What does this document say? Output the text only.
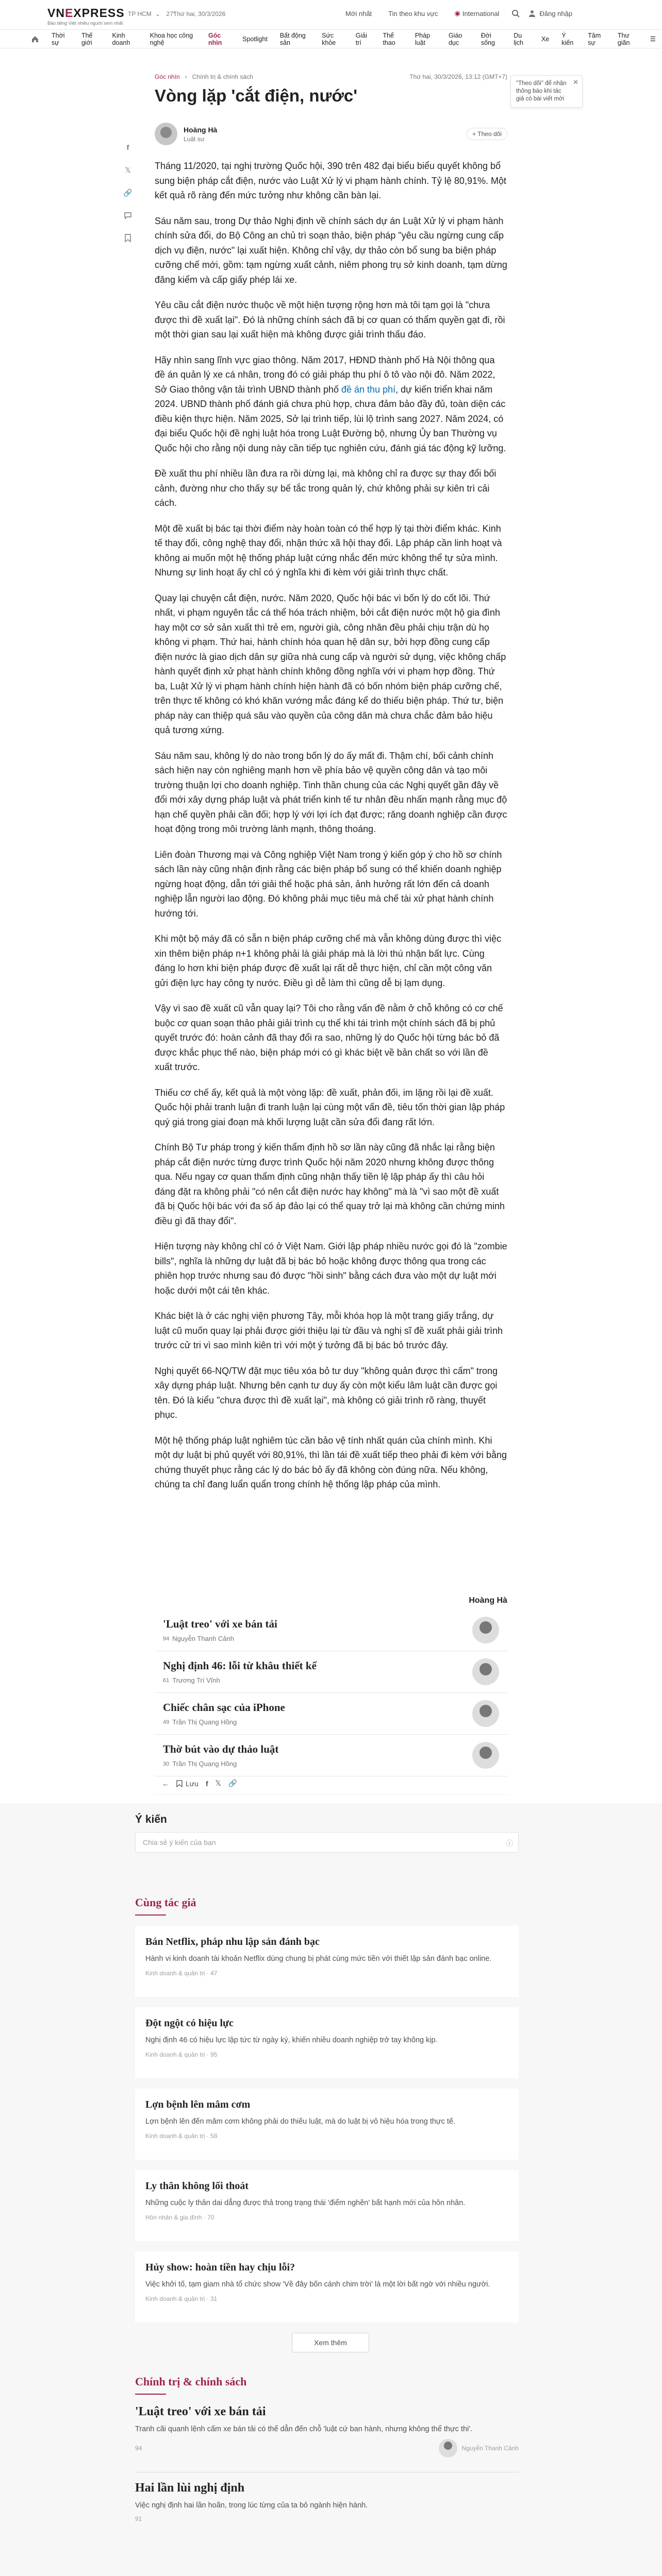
VNEXPRESS
Báo tiếng Việt nhiều người xem nhất
TP HCM ⌄ 27°
Thứ hai, 30/3/2026	Mới nhất Tin theo khu vực ◉ International	Đăng nhập
Thời sự
Thế giới
Kinh doanh
Khoa học công nghệ
Góc nhìn	Spotlight	Bất động sản
Sức khỏe
Giải trí
Thể thao
Pháp luật
Giáo dục
Đời sống
Du lịch	Xe	Ý kiến
Tâm sự
Thư giãn	☰
Góc nhìn › Chính trị & chính sách	Thứ hai, 30/3/2026, 13:12 (GMT+7)
Vòng lặp 'cắt điện, nước'
"Theo dõi" để nhận thông báo khi tác giả có bài viết mới
✕
f
𝕏
🔗
Hoàng Hà
Luật sư
+ Theo dõi

Tháng 11/2020, tại nghị trường Quốc hội, 390 trên 482 đại biểu biểu quyết không bổ sung biện pháp cắt điện, nước vào Luật Xử lý vi phạm hành chính. Tỷ lệ 80,91%. Một kết quả rõ ràng đến mức tưởng như không cần bàn lại.

Sáu năm sau, trong Dự thảo Nghị định về chính sách dự án Luật Xử lý vi phạm hành chính sửa đổi, do Bộ Công an chủ trì soạn thảo, biện pháp "yêu cầu ngừng cung cấp dịch vụ điện, nước" lại xuất hiện. Không chỉ vậy, dự thảo còn bổ sung ba biện pháp cưỡng chế mới, gồm: tạm ngừng xuất cảnh, niêm phong trụ sở kinh doanh, tạm dừng đăng kiểm và cấp giấy phép lái xe.

Yêu cầu cắt điện nước thuộc về một hiện tượng rộng hơn mà tôi tạm gọi là "chưa được thì đề xuất lại". Đó là những chính sách đã bị cơ quan có thẩm quyền gạt đi, rồi một thời gian sau lại xuất hiện mà không được giải trình thấu đáo.

Hãy nhìn sang lĩnh vực giao thông. Năm 2017, HĐND thành phố Hà Nội thông qua đề án quản lý xe cá nhân, trong đó có giải pháp thu phí ô tô vào nội đô. Năm 2022, Sở Giao thông vận tải trình UBND thành phố đề án thu phí, dự kiến triển khai năm 2024. UBND thành phố đánh giá chưa phù hợp, chưa đảm bảo đầy đủ, toàn diện các điều kiện thực hiện. Năm 2025, Sở lại trình tiếp, lùi lộ trình sang 2027. Năm 2024, có đại biểu Quốc hội đề nghị luật hóa trong Luật Đường bộ, nhưng Ủy ban Thường vụ Quốc hội cho rằng nội dung này cần tiếp tục nghiên cứu, đánh giá tác động kỹ lưỡng.

Đề xuất thu phí nhiều lần đưa ra rồi dừng lại, mà không chỉ ra được sự thay đổi bối cảnh, đường như cho thấy sự bế tắc trong quản lý, chứ không phải sự kiên trì cải cách.

Một đề xuất bị bác tại thời điểm này hoàn toàn có thể hợp lý tại thời điểm khác. Kinh tế thay đổi, công nghệ thay đổi, nhận thức xã hội thay đổi. Lập pháp cần linh hoạt và không ai muốn một hệ thống pháp luật cứng nhắc đến mức không thể tự sửa mình. Nhưng sự linh hoạt ấy chỉ có ý nghĩa khi đi kèm với giải trình thực chất.

Quay lại chuyện cắt điện, nước. Năm 2020, Quốc hội bác vì bốn lý do cốt lõi. Thứ nhất, vi phạm nguyên tắc cá thể hóa trách nhiệm, bởi cắt điện nước một hộ gia đình hay một cơ sở sản xuất thì trẻ em, người già, công nhân đều phải chịu trận dù họ không vi phạm. Thứ hai, hành chính hóa quan hệ dân sự, bởi hợp đồng cung cấp điện nước là giao dịch dân sự giữa nhà cung cấp và người sử dụng, việc không chấp hành quyết định xử phạt hành chính không đồng nghĩa với vi phạm hợp đồng. Thứ ba, Luật Xử lý vi phạm hành chính hiện hành đã có bốn nhóm biện pháp cưỡng chế, trên thực tế không có khó khăn vướng mắc đáng kể do thiếu biện pháp. Thứ tư, biện pháp này can thiệp quá sâu vào quyền của công dân mà chưa chắc đảm bảo hiệu quả tương xứng.

Sáu năm sau, không lý do nào trong bốn lý do ấy mất đi. Thậm chí, bối cảnh chính sách hiện nay còn nghiêng mạnh hơn về phía bảo vệ quyền công dân và tạo môi trường thuận lợi cho doanh nghiệp. Tinh thần chung của các Nghị quyết gần đây về đổi mới xây dựng pháp luật và phát triển kinh tế tư nhân đều nhấn mạnh rằng mục độ hạn chế quyền phải cần đối; hợp lý với lợi ích đạt được; răng doanh nghiệp cần được hoạt động trong môi trường lành mạnh, thông thoáng.

Liên đoàn Thương mại và Công nghiệp Việt Nam trong ý kiến góp ý cho hồ sơ chính sách lần này cũng nhận định rằng các biện pháp bổ sung có thể khiến doanh nghiệp ngừng hoạt động, dẫn tới giải thể hoặc phá sản, ảnh hưởng rất lớn đến cả doanh nghiệp lẫn người lao động. Đó không phải mục tiêu mà chế tài xử phạt hành chính hướng tới.

Khi một bộ máy đã có sẵn n biện pháp cưỡng chế mà vẫn không dùng được thì việc xin thêm biện pháp n+1 không phải là giải pháp mà là lời thú nhận bất lực. Cùng đáng lo hơn khi biện pháp được đề xuất lại rất dễ thực hiện, chỉ cần một công văn gửi điện lực hay công ty nước. Điều gì dễ làm thì cũng dễ bị lạm dụng.

Vậy vì sao đề xuất cũ vẫn quay lại? Tôi cho rằng vấn đề nằm ở chỗ không có cơ chế buộc cơ quan soạn thảo phải giải trình cụ thể khi tái trình một chính sách đã bị phủ quyết trước đó: hoàn cảnh đã thay đổi ra sao, những lý do Quốc hội từng bác bỏ đã được khắc phục thế nào, biện pháp mới có gì khác biệt về bản chất so với lần đề xuất trước.

Thiếu cơ chế ấy, kết quả là một vòng lặp: đề xuất, phản đối, im lặng rồi lại đề xuất. Quốc hội phải tranh luận đi tranh luận lại cùng một vấn đề, tiêu tốn thời gian lập pháp quý giá trong giai đoạn mà khối lượng luật cần sửa đổi đang rất lớn.

Chính Bộ Tư pháp trong ý kiến thẩm định hồ sơ lần này cũng đã nhắc lại rằng biện pháp cắt điện nước từng được trình Quốc hội năm 2020 nhưng không được thông qua. Nếu ngay cơ quan thẩm định cũng nhận thấy tiền lệ lập pháp ấy thì câu hỏi đáng đặt ra không phải "có nên cắt điện nước hay không" mà là "vì sao một đề xuất đã bị Quốc hội bác với đa số áp đảo lại có thể quay trở lại mà không cần chứng minh điều gì đã thay đổi".

Hiện tượng này không chỉ có ở Việt Nam. Giới lập pháp nhiều nước gọi đó là "zombie bills", nghĩa là những dự luật đã bị bác bỏ hoặc không được thông qua trong các phiên họp trước nhưng sau đó được "hồi sinh" bằng cách đưa vào một dự luật mới hoặc dưới một cái tên khác.

Khác biệt là ở các nghị viện phương Tây, mỗi khóa họp là một trang giấy trắng, dự luật cũ muốn quay lại phải được giới thiệu lại từ đầu và nghị sĩ đề xuất phải giải trình trước cử tri vì sao mình kiên trì với một ý tưởng đã bị bác bỏ trước đây.

Nghị quyết 66-NQ/TW đặt mục tiêu xóa bỏ tư duy "không quản được thì cấm" trong xây dựng pháp luật. Nhưng bên cạnh tư duy ấy còn một kiểu lâm luật cần được gọi tên. Đó là kiểu "chưa được thì đề xuất lại", mà không có giải trình rõ ràng, thuyết phục.

Một hệ thống pháp luật nghiêm túc cần bảo vệ tính nhất quán của chính mình. Khi một dự luật bị phủ quyết với 80,91%, thì lần tái đề xuất tiếp theo phải đi kèm với bằng chứng thuyết phục rằng các lý do bác bỏ ấy đã không còn đúng nữa. Nếu không, chúng ta chỉ đang luẩn quẩn trong chính hệ thống lập pháp của mình.

Hoàng Hà
'Luật treo' với xe bán tải
94 Nguyễn Thanh Cảnh
Nghị định 46: lỗi từ khâu thiết kế
61 Trương Trí Vĩnh
Chiếc chân sạc của iPhone
49 Trần Thị Quang Hồng
Thờ bút vào dự thảo luật
30 Trần Thị Quang Hồng
← Lưu f 𝕏 🔗
Ý kiến
Chia sẻ ý kiến của bạn	ⓘ
Cùng tác giả
Bán Netflix, pháp nhu lập sản đánh bạc
Hành vi kinh doanh tài khoản Netflix dùng chung bị phát cùng mức tiền với thiết lập sản đánh bạc online.
Kinh doanh & quản trị · 47
Đột ngột có hiệu lực
Nghị định 46 có hiệu lực lập tức từ ngày ký, khiến nhiều doanh nghiệp trở tay không kịp.
Kinh doanh & quản trị · 95
Lợn bệnh lên mâm cơm
Lợn bệnh lên đến mâm cơm không phải do thiếu luật, mà do luật bị vô hiệu hóa trong thực tế.
Kinh doanh & quản trị · 58
Ly thân không lối thoát
Những cuộc ly thân dai dẳng được thả trong trạng thái 'điểm nghẽn' bất hạnh mới của hôn nhân.
Hôn nhân & gia đình · 70
Hủy show: hoàn tiền hay chịu lỗi?
Việc khởi tố, tạm giam nhà tổ chức show 'Về đây bốn cánh chim trời' là một lời bất ngờ với nhiều người.
Kinh doanh & quản trị · 31
Xem thêm
Chính trị & chính sách
'Luật treo' với xe bán tải
Tranh cãi quanh lệnh cấm xe bán tải có thể dẫn đến chỗ 'luật cứ ban hành, nhưng không thể thực thi'.
94	Nguyễn Thanh Cảnh
Hai lần lùi nghị định
Việc nghị định hai lần hoãn, trong lúc từng của ta bỏ ngành hiện hành.
91
